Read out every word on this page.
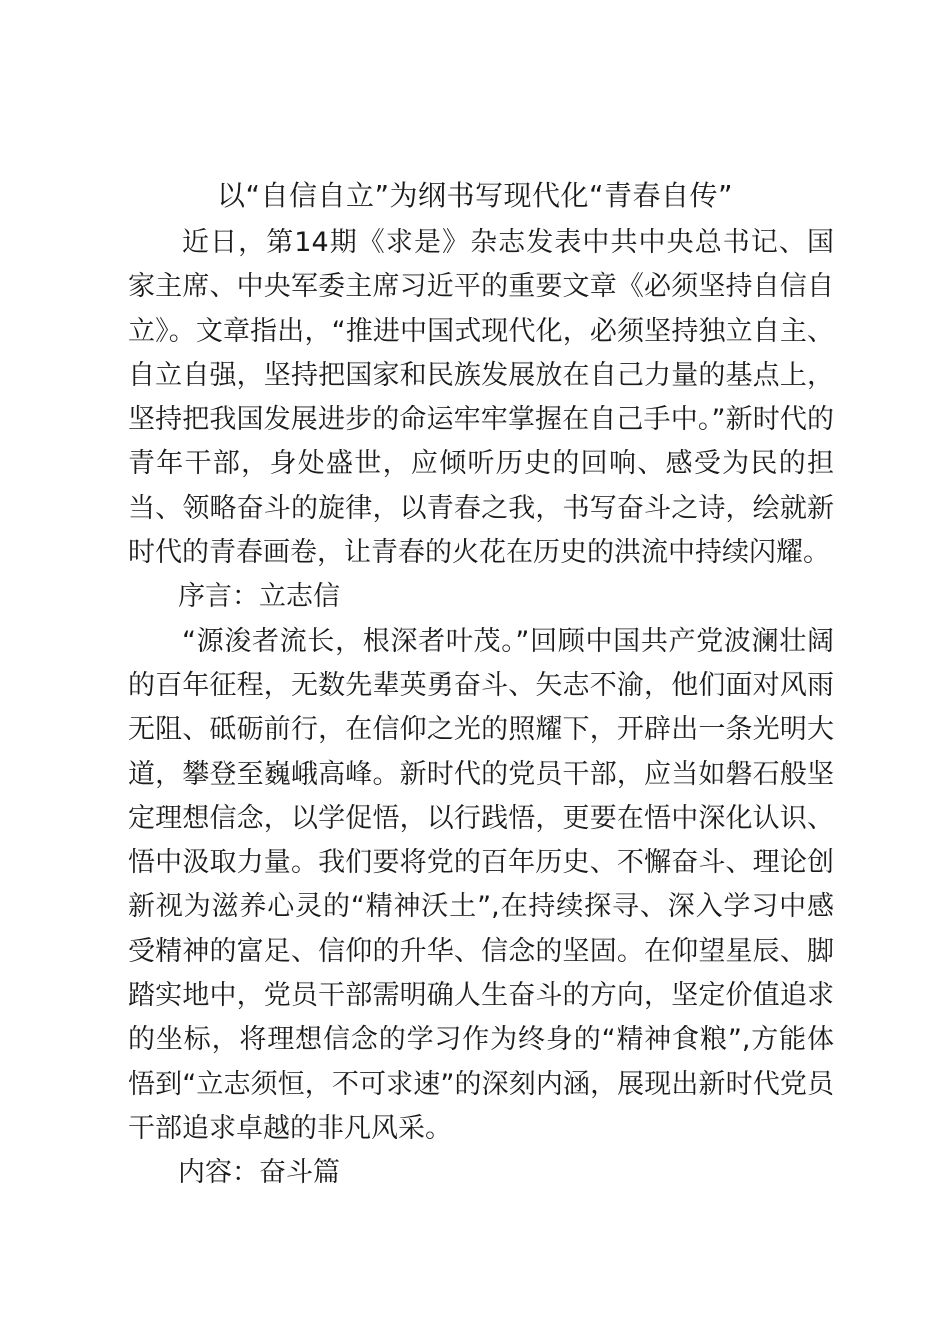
以“自信自立”为纲书写现代化“青春自传”

近日，第14期《求是》杂志发表中共中央总书记、国家主席、中央军委主席习近平的重要文章《必须坚持自信自立》。文章指出，“推进中国式现代化，必须坚持独立自主、自立自强，坚持把国家和民族发展放在自己力量的基点上，坚持把我国发展进步的命运牢牢掌握在自己手中。”新时代的青年干部，身处盛世，应倾听历史的回响、感受为民的担当、领略奋斗的旋律，以青春之我，书写奋斗之诗，绘就新时代的青春画卷，让青春的火花在历史的洪流中持续闪耀。

序言：立志信

“源浚者流长，根深者叶茂。”回顾中国共产党波澜壮阔的百年征程，无数先辈英勇奋斗、矢志不渝，他们面对风雨无阻、砥砺前行，在信仰之光的照耀下，开辟出一条光明大道，攀登至巍峨高峰。新时代的党员干部，应当如磐石般坚定理想信念，以学促悟，以行践悟，更要在悟中深化认识、悟中汲取力量。我们要将党的百年历史、不懈奋斗、理论创新视为滋养心灵的“精神沃土”,在持续探寻、深入学习中感受精神的富足、信仰的升华、信念的坚固。在仰望星辰、脚踏实地中，党员干部需明确人生奋斗的方向，坚定价值追求的坐标，将理想信念的学习作为终身的“精神食粮”,方能体悟到“立志须恒，不可求速”的深刻内涵，展现出新时代党员干部追求卓越的非凡风采。

内容：奋斗篇
